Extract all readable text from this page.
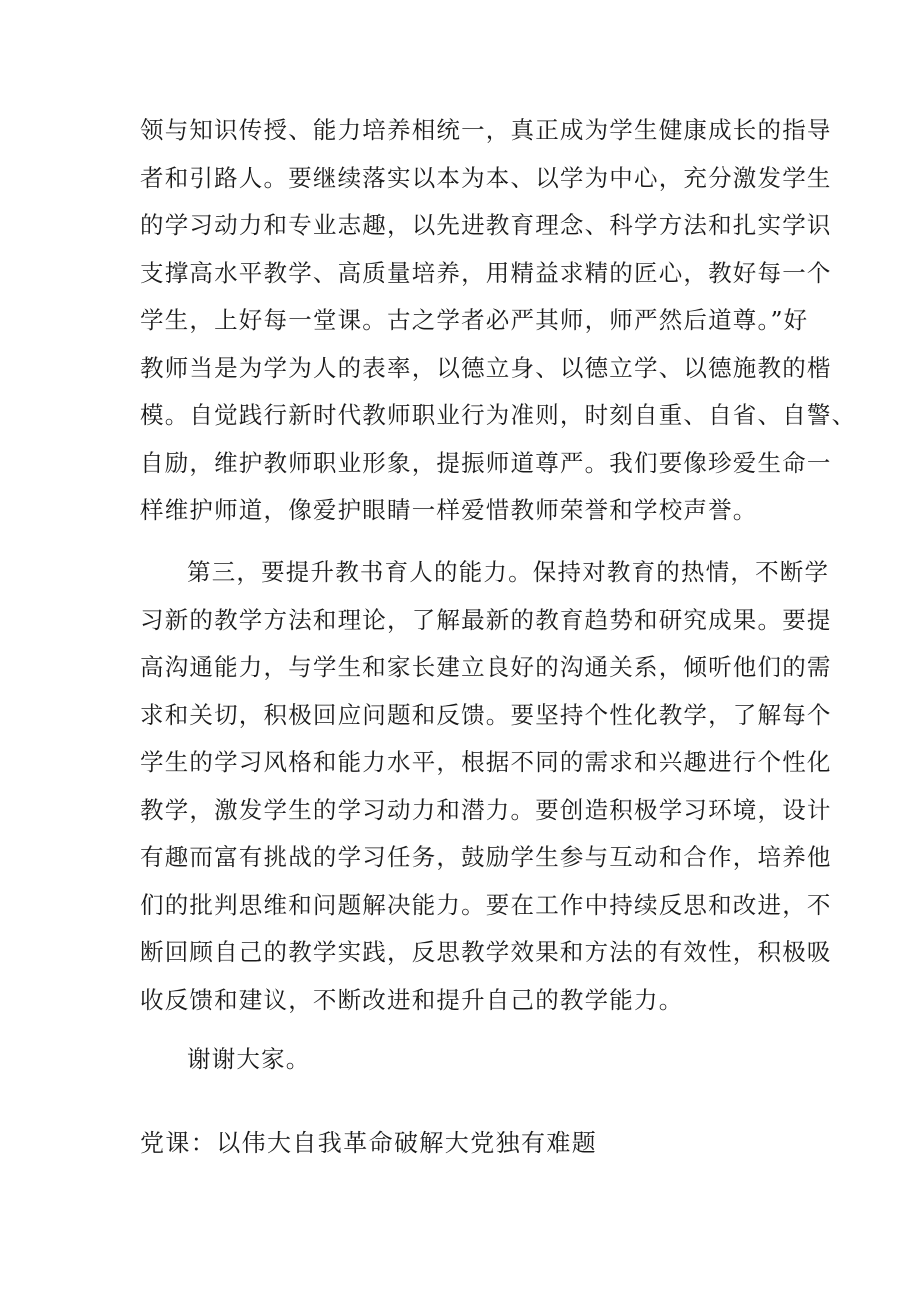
领与知识传授、能力培养相统一，真正成为学生健康成长的指导
者和引路人。要继续落实以本为本、以学为中心，充分激发学生
的学习动力和专业志趣，以先进教育理念、科学方法和扎实学识
支撑高水平教学、高质量培养，用精益求精的匠心，教好每一个
学生，上好每一堂课。古之学者必严其师，师严然后道尊。”好
教师当是为学为人的表率，以德立身、以德立学、以德施教的楷
模。自觉践行新时代教师职业行为准则，时刻自重、自省、自警、
自励，维护教师职业形象，提振师道尊严。我们要像珍爱生命一
样维护师道，像爱护眼睛一样爱惜教师荣誉和学校声誉。
第三，要提升教书育人的能力。保持对教育的热情，不断学
习新的教学方法和理论，了解最新的教育趋势和研究成果。要提
高沟通能力，与学生和家长建立良好的沟通关系，倾听他们的需
求和关切，积极回应问题和反馈。要坚持个性化教学，了解每个
学生的学习风格和能力水平，根据不同的需求和兴趣进行个性化
教学，激发学生的学习动力和潜力。要创造积极学习环境，设计
有趣而富有挑战的学习任务，鼓励学生参与互动和合作，培养他
们的批判思维和问题解决能力。要在工作中持续反思和改进，不
断回顾自己的教学实践，反思教学效果和方法的有效性，积极吸
收反馈和建议，不断改进和提升自己的教学能力。
谢谢大家。
党课：以伟大自我革命破解大党独有难题
